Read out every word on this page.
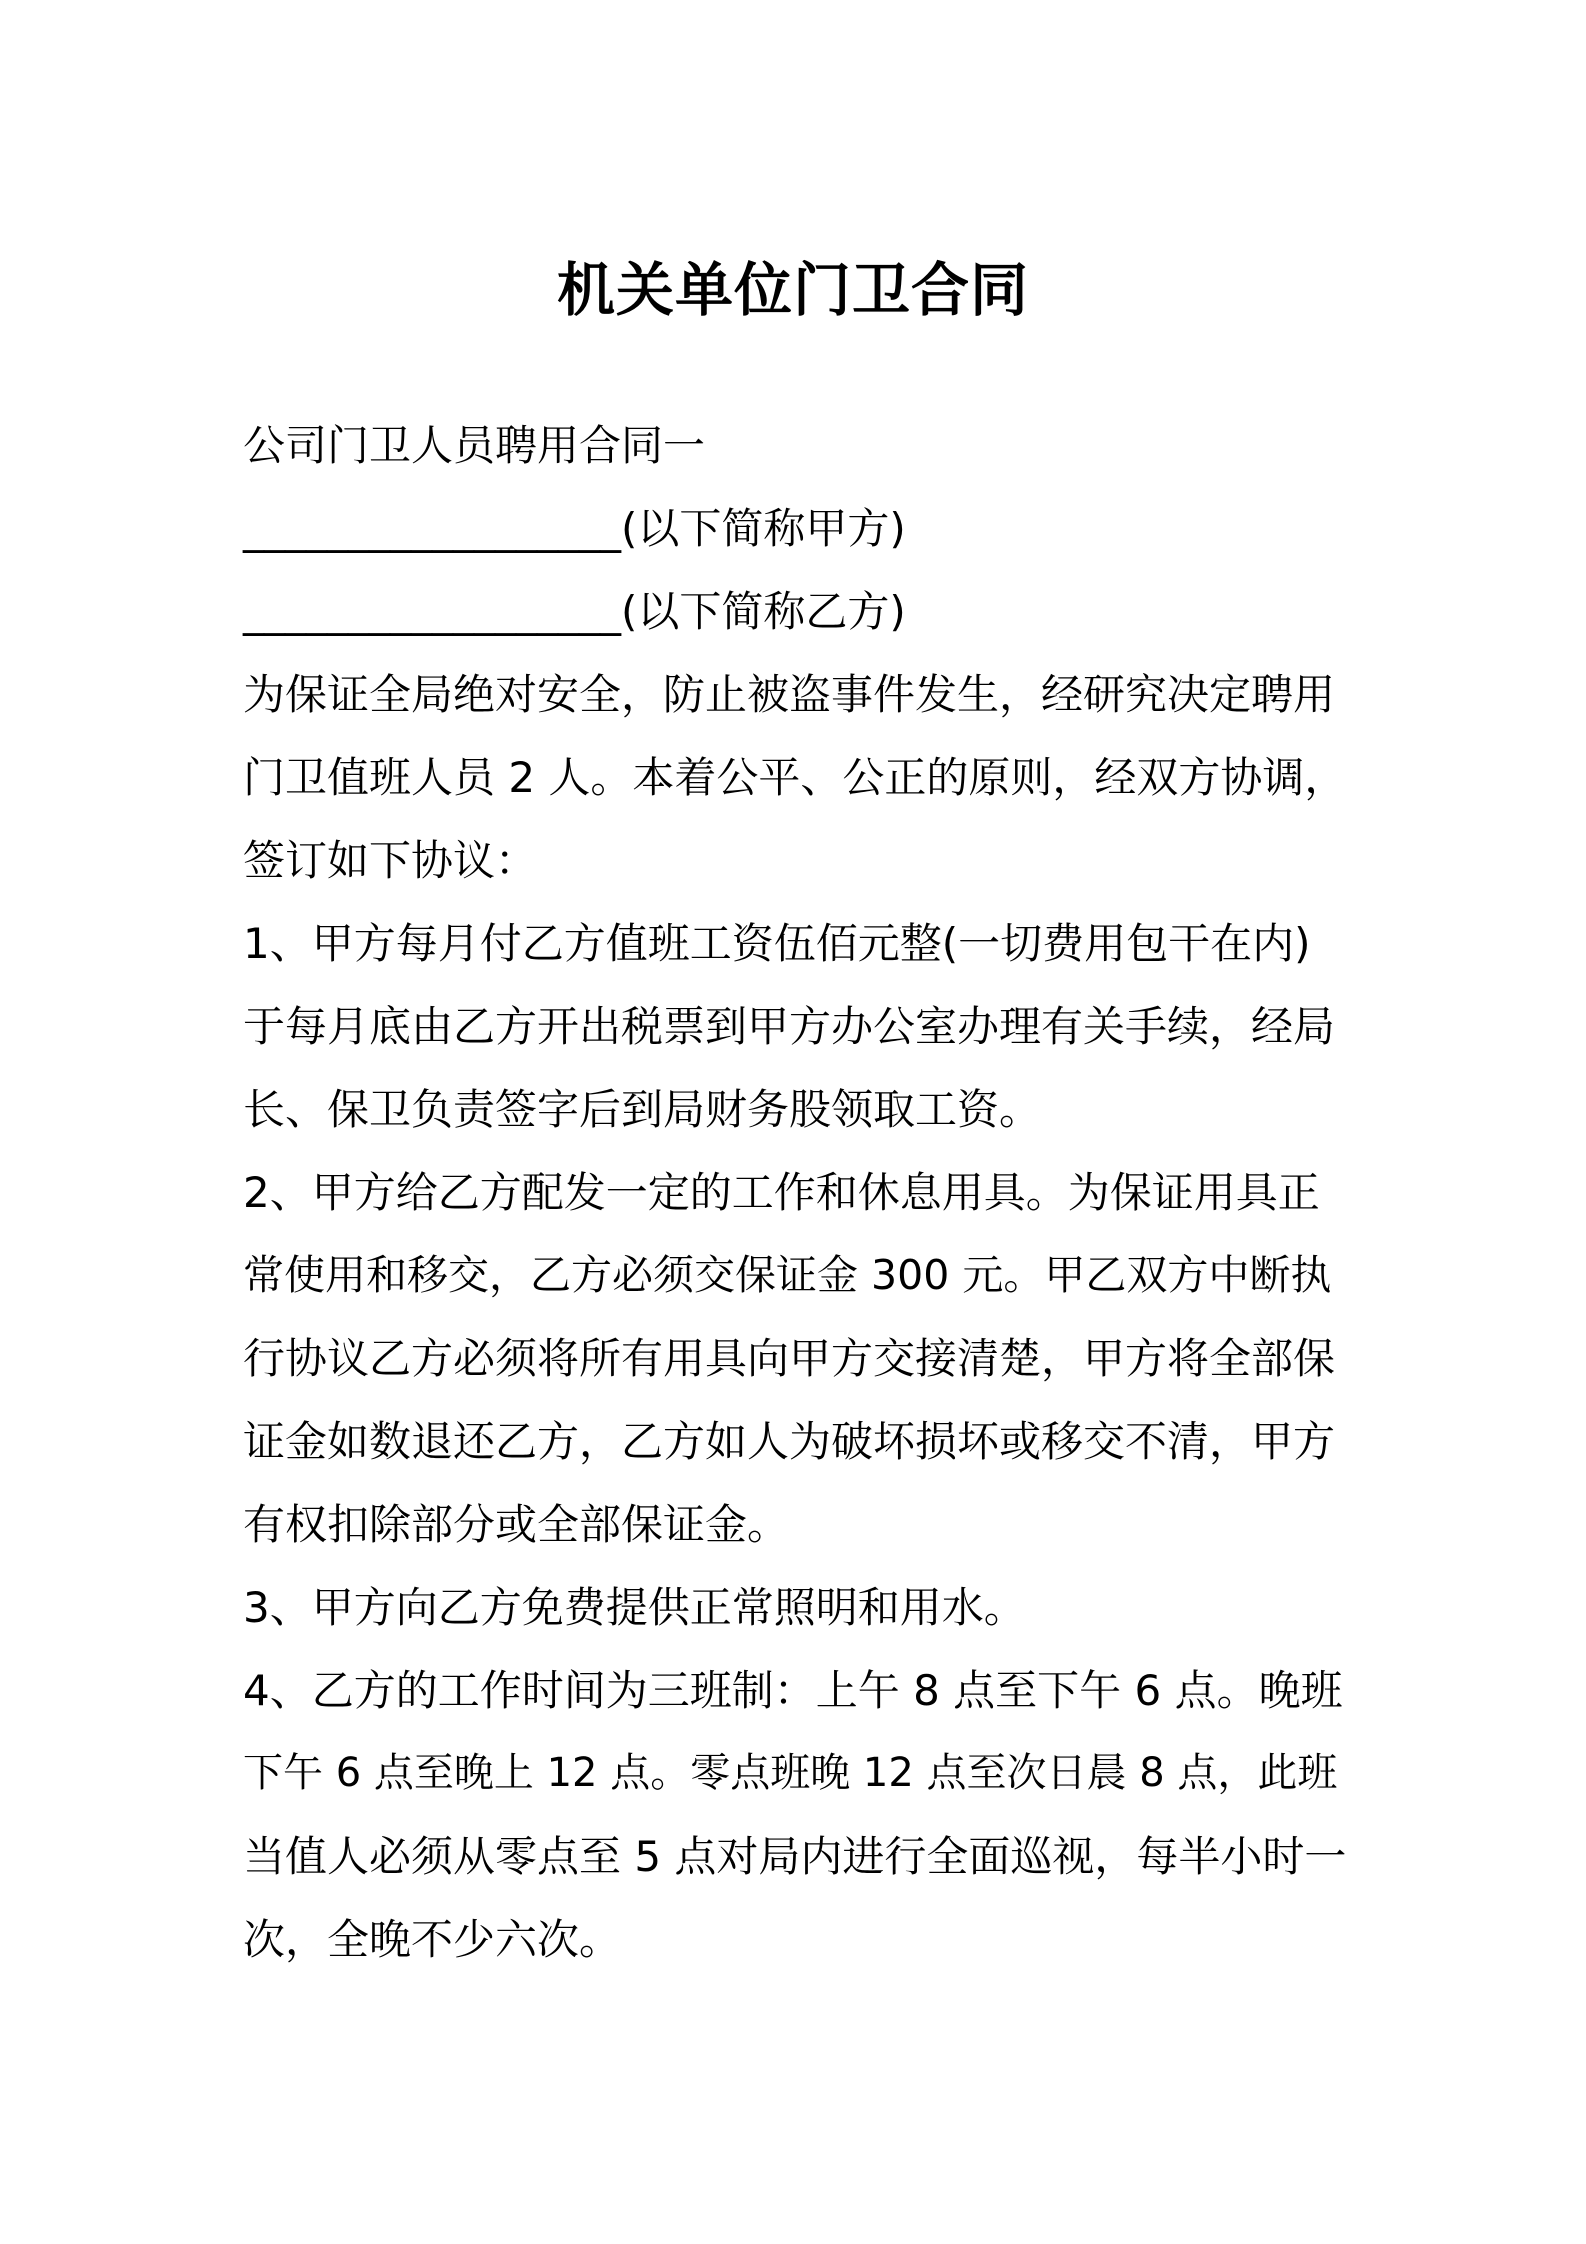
机关单位门卫合同
公司门卫人员聘用合同一
__________________(以下简称甲方)
__________________(以下简称乙方)
为保证全局绝对安全，防止被盗事件发生，经研究决定聘用
门卫值班人员 2 人。本着公平、公正的原则，经双方协调，
签订如下协议：
1、甲方每月付乙方值班工资伍佰元整(一切费用包干在内)
于每月底由乙方开出税票到甲方办公室办理有关手续，经局
长、保卫负责签字后到局财务股领取工资。
2、甲方给乙方配发一定的工作和休息用具。为保证用具正
常使用和移交，乙方必须交保证金 300 元。甲乙双方中断执
行协议乙方必须将所有用具向甲方交接清楚，甲方将全部保
证金如数退还乙方，乙方如人为破坏损坏或移交不清，甲方
有权扣除部分或全部保证金。
3、甲方向乙方免费提供正常照明和用水。
4、乙方的工作时间为三班制：上午 8 点至下午 6 点。晚班
下午 6 点至晚上 12 点。零点班晚 12 点至次日晨 8 点，此班
当值人必须从零点至 5 点对局内进行全面巡视，每半小时一
次，全晚不少六次。
